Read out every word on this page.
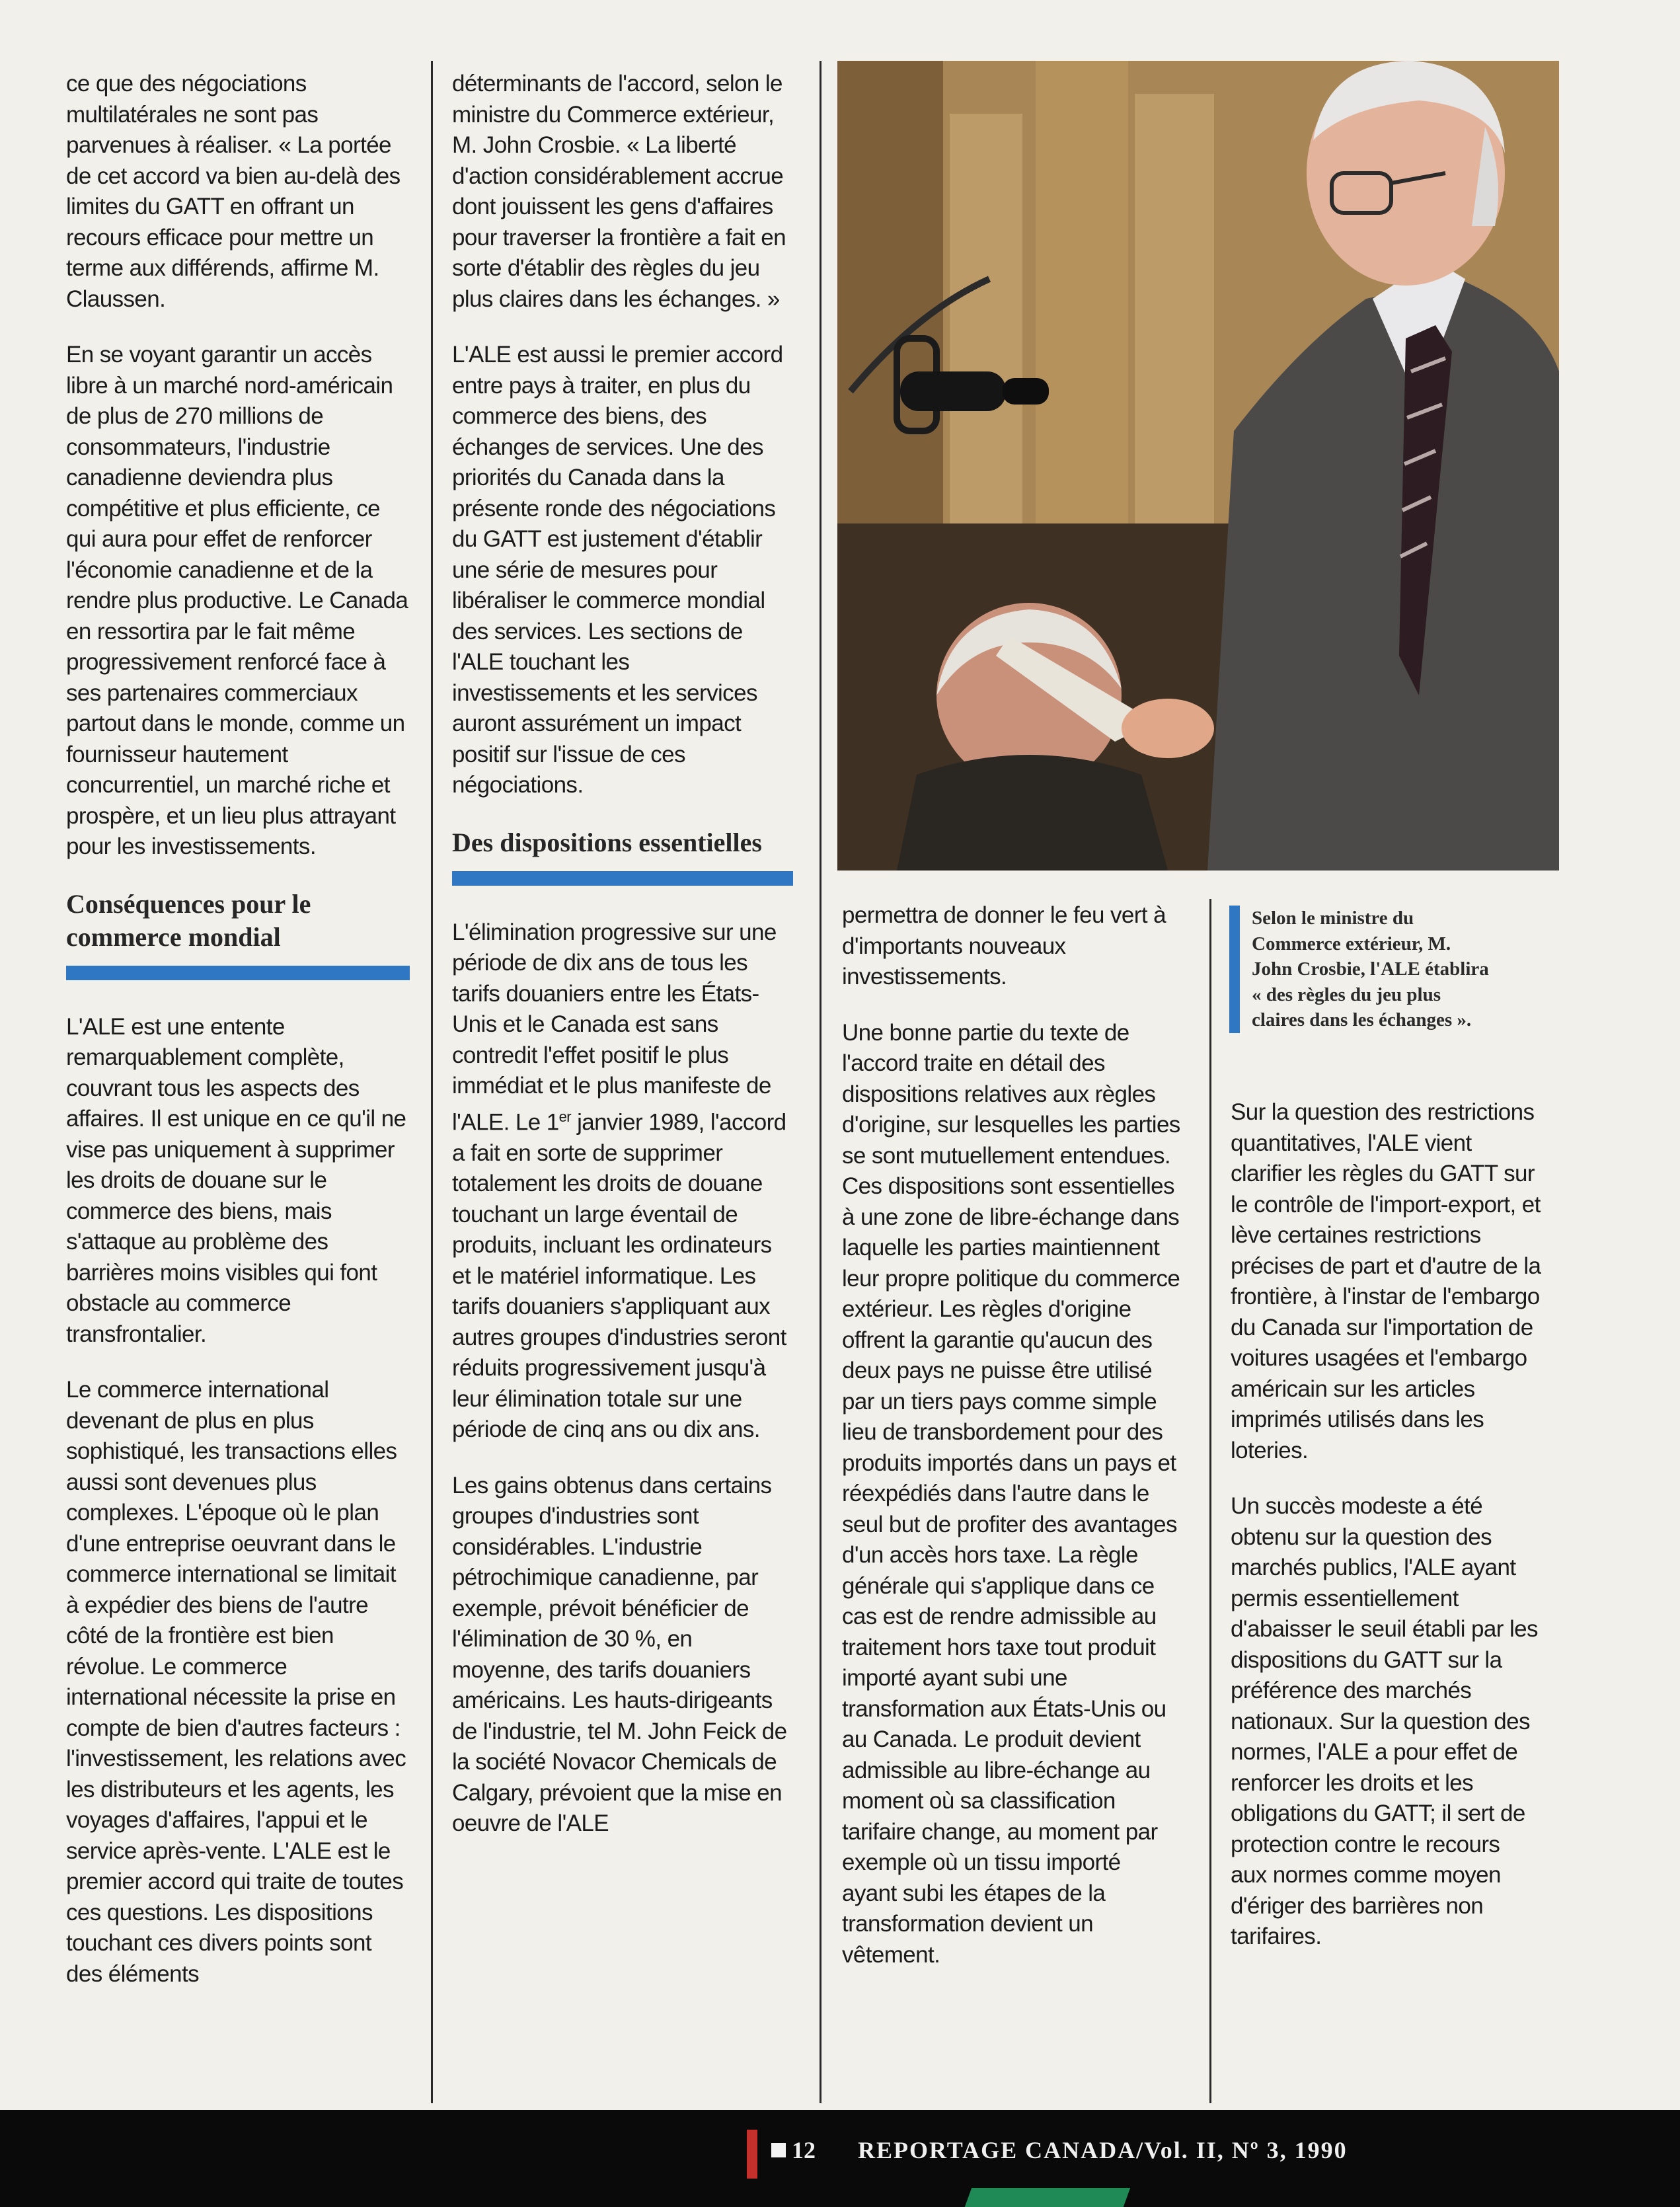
ce que des négociations multilatérales ne sont pas parvenues à réaliser. « La portée de cet accord va bien au-delà des limites du GATT en offrant un recours efficace pour mettre un terme aux différends, affirme M. Claussen.

En se voyant garantir un accès libre à un marché nord-américain de plus de 270 millions de consommateurs, l'industrie canadienne deviendra plus compétitive et plus efficiente, ce qui aura pour effet de renforcer l'économie canadienne et de la rendre plus productive. Le Canada en ressortira par le fait même progressivement renforcé face à ses partenaires commerciaux partout dans le monde, comme un fournisseur hautement concurrentiel, un marché riche et prospère, et un lieu plus attrayant pour les investissements.

Conséquences pour le commerce mondial

L'ALE est une entente remarquablement complète, couvrant tous les aspects des affaires. Il est unique en ce qu'il ne vise pas uniquement à supprimer les droits de douane sur le commerce des biens, mais s'attaque au problème des barrières moins visibles qui font obstacle au commerce transfrontalier.

Le commerce international devenant de plus en plus sophistiqué, les transactions elles aussi sont devenues plus complexes. L'époque où le plan d'une entreprise oeuvrant dans le commerce international se limitait à expédier des biens de l'autre côté de la frontière est bien révolue. Le commerce international nécessite la prise en compte de bien d'autres facteurs : l'investissement, les relations avec les distributeurs et les agents, les voyages d'affaires, l'appui et le service après-vente. L'ALE est le premier accord qui traite de toutes ces questions. Les dispositions touchant ces divers points sont des éléments

déterminants de l'accord, selon le ministre du Commerce extérieur, M. John Crosbie. « La liberté d'action considérablement accrue dont jouissent les gens d'affaires pour traverser la frontière a fait en sorte d'établir des règles du jeu plus claires dans les échanges. »

L'ALE est aussi le premier accord entre pays à traiter, en plus du commerce des biens, des échanges de services. Une des priorités du Canada dans la présente ronde des négociations du GATT est justement d'établir une série de mesures pour libéraliser le commerce mondial des services. Les sections de l'ALE touchant les investissements et les services auront assurément un impact positif sur l'issue de ces négociations.

Des dispositions essentielles

L'élimination progressive sur une période de dix ans de tous les tarifs douaniers entre les États-Unis et le Canada est sans contredit l'effet positif le plus immédiat et le plus manifeste de l'ALE. Le 1er janvier 1989, l'accord a fait en sorte de supprimer totalement les droits de douane touchant un large éventail de produits, incluant les ordinateurs et le matériel informatique. Les tarifs douaniers s'appliquant aux autres groupes d'industries seront réduits progressivement jusqu'à leur élimination totale sur une période de cinq ans ou dix ans.

Les gains obtenus dans certains groupes d'industries sont considérables. L'industrie pétrochimique canadienne, par exemple, prévoit bénéficier de l'élimination de 30 %, en moyenne, des tarifs douaniers américains. Les hauts-dirigeants de l'industrie, tel M. John Feick de la société Novacor Chemicals de Calgary, prévoient que la mise en oeuvre de l'ALE

permettra de donner le feu vert à d'importants nouveaux investissements.

Une bonne partie du texte de l'accord traite en détail des dispositions relatives aux règles d'origine, sur lesquelles les parties se sont mutuellement entendues. Ces dispositions sont essentielles à une zone de libre-échange dans laquelle les parties maintiennent leur propre politique du commerce extérieur. Les règles d'origine offrent la garantie qu'aucun des deux pays ne puisse être utilisé par un tiers pays comme simple lieu de transbordement pour des produits importés dans un pays et réexpédiés dans l'autre dans le seul but de profiter des avantages d'un accès hors taxe. La règle générale qui s'applique dans ce cas est de rendre admissible au traitement hors taxe tout produit importé ayant subi une transformation aux États-Unis ou au Canada. Le produit devient admissible au libre-échange au moment où sa classification tarifaire change, au moment par exemple où un tissu importé ayant subi les étapes de la transformation devient un vêtement.

Selon le ministre du Commerce extérieur, M. John Crosbie, l'ALE établira « des règles du jeu plus claires dans les échanges ».

Sur la question des restrictions quantitatives, l'ALE vient clarifier les règles du GATT sur le contrôle de l'import-export, et lève certaines restrictions précises de part et d'autre de la frontière, à l'instar de l'embargo du Canada sur l'importation de voitures usagées et l'embargo américain sur les articles imprimés utilisés dans les loteries.

Un succès modeste a été obtenu sur la question des marchés publics, l'ALE ayant permis essentiellement d'abaisser le seuil établi par les dispositions du GATT sur la préférence des marchés nationaux. Sur la question des normes, l'ALE a pour effet de renforcer les droits et les obligations du GATT; il sert de protection contre le recours aux normes comme moyen d'ériger des barrières non tarifaires.

12 REPORTAGE CANADA/Vol. II, Nº 3, 1990
